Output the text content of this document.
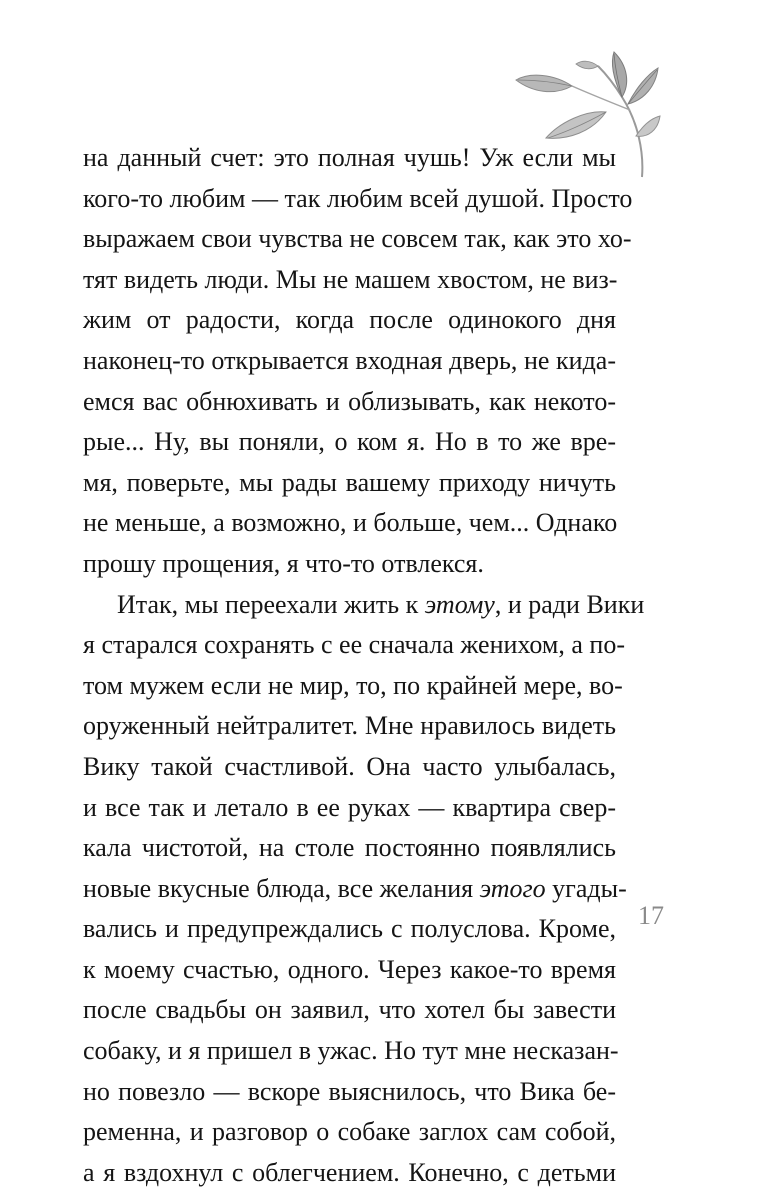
на данный счет: это полная чушь! Уж если мы
кого-то любим — так любим всей душой. Просто
выражаем свои чувства не совсем так, как это хо-
тят видеть люди. Мы не машем хвостом, не виз-
жим от радости, когда после одинокого дня
наконец-то открывается входная дверь, не кида-
емся вас обнюхивать и облизывать, как некото-
рые... Ну, вы поняли, о ком я. Но в то же вре-
мя, поверьте, мы рады вашему приходу ничуть
не меньше, а возможно, и больше, чем... Однако
прошу прощения, я что-то отвлекся.
Итак, мы переехали жить к этому, и ради Вики
я старался сохранять с ее сначала женихом, а по-
том мужем если не мир, то, по крайней мере, во-
оруженный нейтралитет. Мне нравилось видеть
Вику такой счастливой. Она часто улыбалась,
и все так и летало в ее руках — квартира свер-
кала чистотой, на столе постоянно появлялись
новые вкусные блюда, все желания этого угады-
вались и предупреждались с полуслова. Кроме,
к моему счастью, одного. Через какое-то время
после свадьбы он заявил, что хотел бы завести
собаку, и я пришел в ужас. Но тут мне несказан-
но повезло — вскоре выяснилось, что Вика бе-
ременна, и разговор о собаке заглох сам собой,
а я вздохнул с облегчением. Конечно, с детьми
17
